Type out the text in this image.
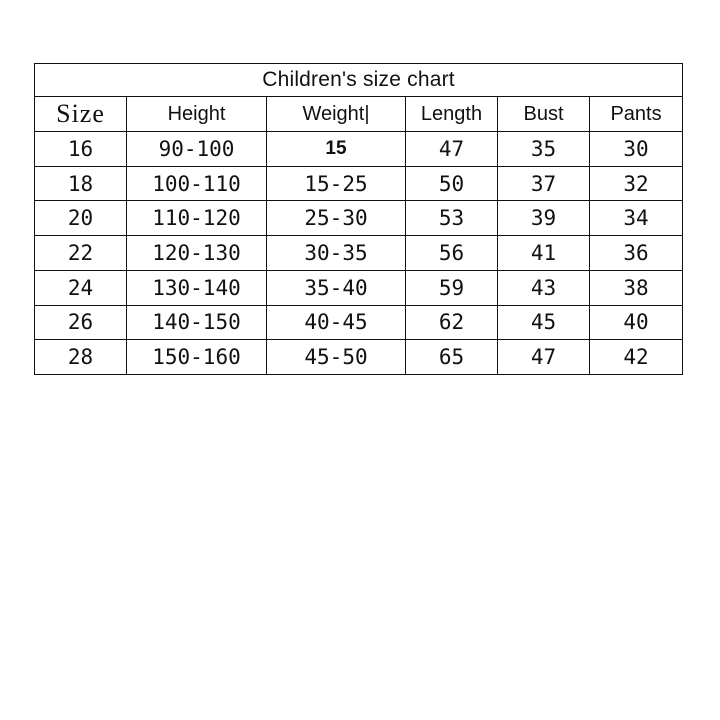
Children's size chart					
Size	Height	Weight|	Length	Bust	Pants
16	90-100	15	47	35	30
18	100-110	15-25	50	37	32
20	110-120	25-30	53	39	34
22	120-130	30-35	56	41	36
24	130-140	35-40	59	43	38
26	140-150	40-45	62	45	40
28	150-160	45-50	65	47	42
